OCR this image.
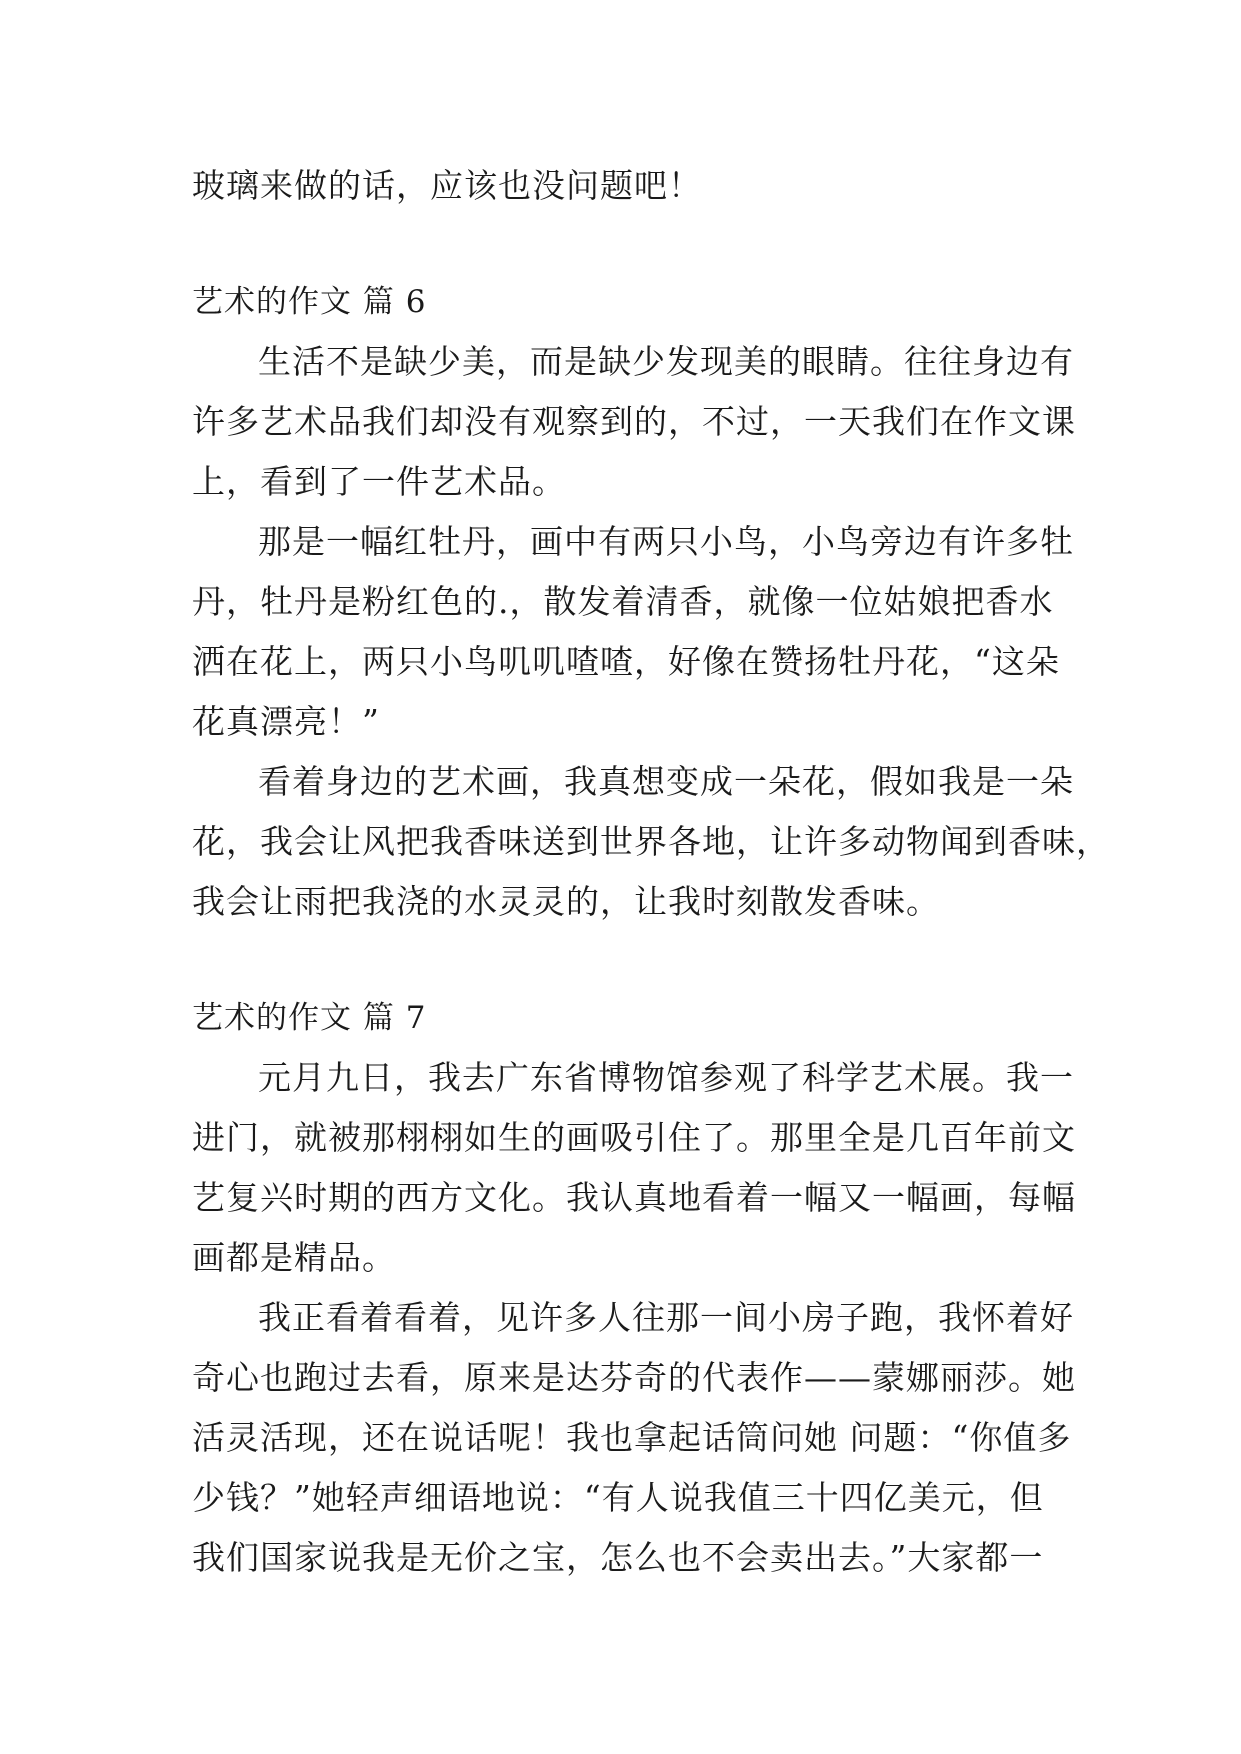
玻璃来做的话，应该也没问题吧！
艺术的作文 篇 6
生活不是缺少美，而是缺少发现美的眼睛。往往身边有
许多艺术品我们却没有观察到的，不过，一天我们在作文课
上，看到了一件艺术品。
那是一幅红牡丹，画中有两只小鸟，小鸟旁边有许多牡
丹，牡丹是粉红色的.，散发着清香，就像一位姑娘把香水
洒在花上，两只小鸟叽叽喳喳，好像在赞扬牡丹花，“这朵
花真漂亮！”
看着身边的艺术画，我真想变成一朵花，假如我是一朵
花，我会让风把我香味送到世界各地，让许多动物闻到香味，
我会让雨把我浇的水灵灵的，让我时刻散发香味。
艺术的作文 篇 7
元月九日，我去广东省博物馆参观了科学艺术展。我一
进门，就被那栩栩如生的画吸引住了。那里全是几百年前文
艺复兴时期的西方文化。我认真地看着一幅又一幅画，每幅
画都是精品。
我正看着看着，见许多人往那一间小房子跑，我怀着好
奇心也跑过去看，原来是达芬奇的代表作——蒙娜丽莎。她
活灵活现，还在说话呢！我也拿起话筒问她 问题：“你值多
少钱？”她轻声细语地说：“有人说我值三十四亿美元，但
我们国家说我是无价之宝，怎么也不会卖出去。”大家都一
